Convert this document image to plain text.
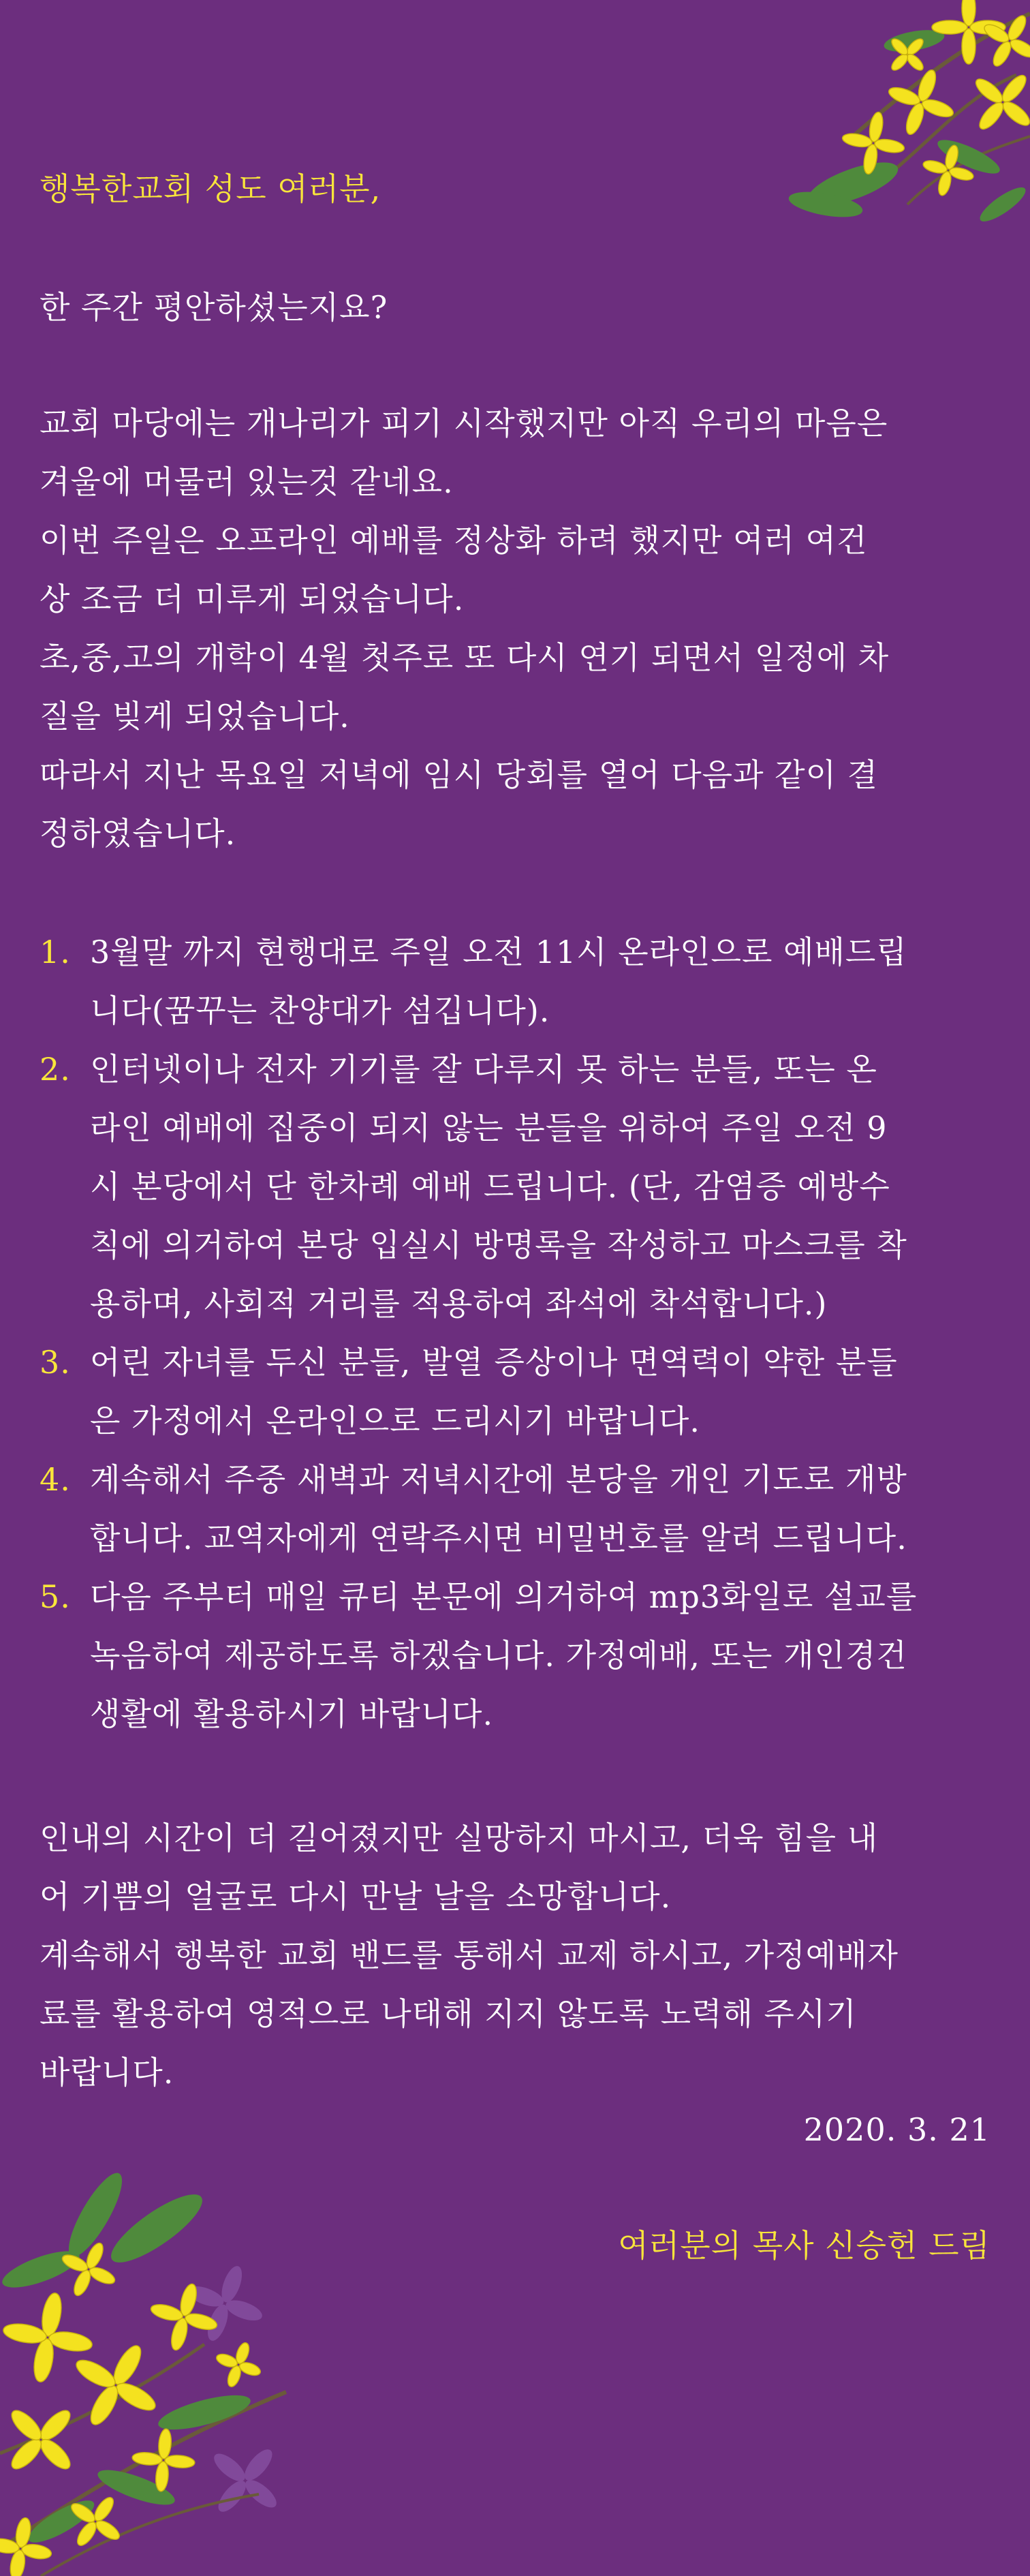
행복한교회 성도 여러분,
한 주간 평안하셨는지요?
교회 마당에는 개나리가 피기 시작했지만 아직 우리의 마음은
겨울에 머물러 있는것 같네요.
이번 주일은 오프라인 예배를 정상화 하려 했지만 여러 여건
상 조금 더 미루게 되었습니다.
초,중,고의 개학이 4월 첫주로 또 다시 연기 되면서 일정에 차
질을 빚게 되었습니다.
따라서 지난 목요일 저녁에 임시 당회를 열어 다음과 같이 결
정하였습니다.
1. 3월말 까지 현행대로 주일 오전 11시 온라인으로 예배드립
니다(꿈꾸는 찬양대가 섬깁니다).
2. 인터넷이나 전자 기기를 잘 다루지 못 하는 분들, 또는 온
라인 예배에 집중이 되지 않는 분들을 위하여 주일 오전 9
시 본당에서 단 한차례 예배 드립니다. (단, 감염증 예방수
칙에 의거하여 본당 입실시 방명록을 작성하고 마스크를 착
용하며, 사회적 거리를 적용하여 좌석에 착석합니다.)
3. 어린 자녀를 두신 분들, 발열 증상이나 면역력이 약한 분들
은 가정에서 온라인으로 드리시기 바랍니다.
4. 계속해서 주중 새벽과 저녁시간에 본당을 개인 기도로 개방
합니다. 교역자에게 연락주시면 비밀번호를 알려 드립니다.
5. 다음 주부터 매일 큐티 본문에 의거하여 mp3화일로 설교를
녹음하여 제공하도록 하겠습니다. 가정예배, 또는 개인경건
생활에 활용하시기 바랍니다.
인내의 시간이 더 길어졌지만 실망하지 마시고, 더욱 힘을 내
어 기쁨의 얼굴로 다시 만날 날을 소망합니다.
계속해서 행복한 교회 밴드를 통해서 교제 하시고, 가정예배자
료를 활용하여 영적으로 나태해 지지 않도록 노력해 주시기
바랍니다.
2020. 3. 21
여러분의 목사 신승헌 드림
